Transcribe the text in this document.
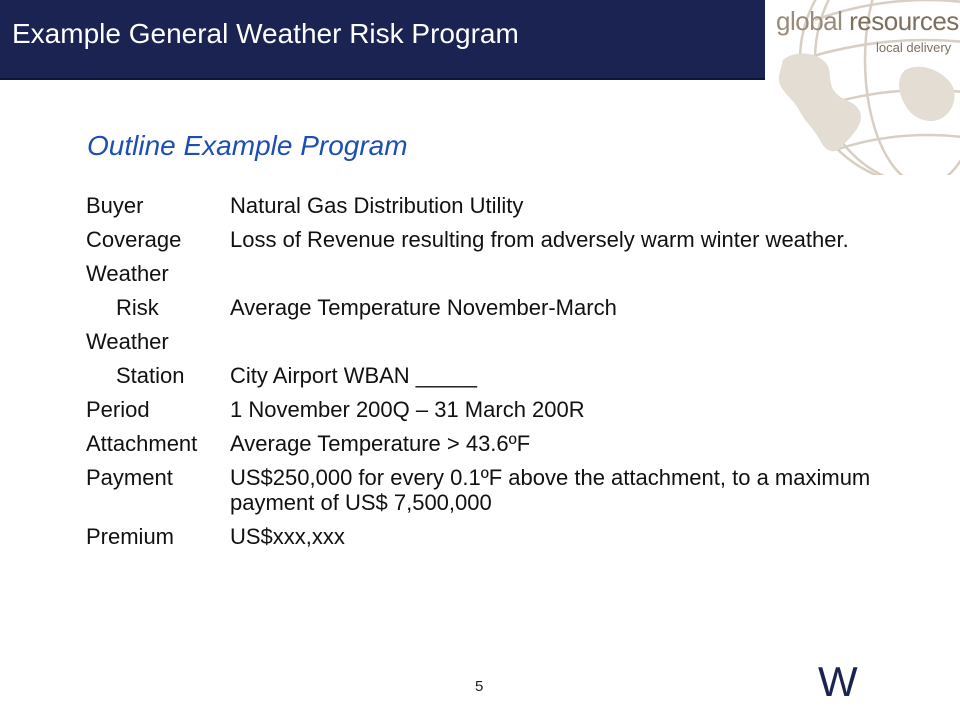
Example General Weather Risk Program	global resources
local delivery
Outline Example Program
Buyer	Natural Gas Distribution Utility
Coverage	Loss of Revenue resulting from adversely warm winter weather.
Weather
Risk	Average Temperature November-March
Weather
Station	City Airport WBAN _____
Period	1 November 200Q – 31 March 200R
Attachment	Average Temperature > 43.6ºF
Payment	US$250,000 for every 0.1ºF above the attachment, to a maximum payment of US$ 7,500,000
Premium	US$xxx,xxx
5	W
